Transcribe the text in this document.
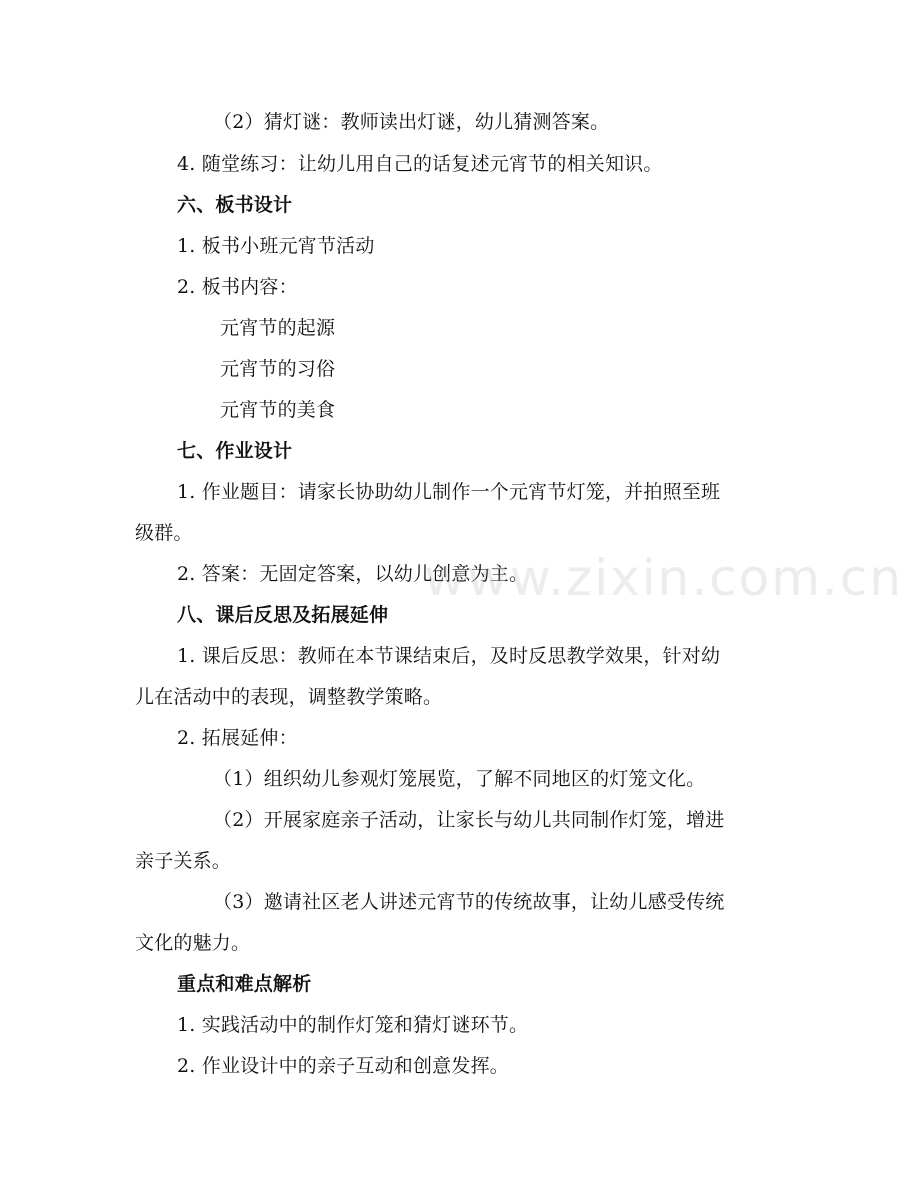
（2）猜灯谜：教师读出灯谜，幼儿猜测答案。
4. 随堂练习：让幼儿用自己的话复述元宵节的相关知识。
六、板书设计
1. 板书小班元宵节活动
2. 板书内容：
元宵节的起源
元宵节的习俗
元宵节的美食
七、作业设计
1. 作业题目：请家长协助幼儿制作一个元宵节灯笼，并拍照至班
级群。
2. 答案：无固定答案，以幼儿创意为主。
八、课后反思及拓展延伸
1. 课后反思：教师在本节课结束后，及时反思教学效果，针对幼
儿在活动中的表现，调整教学策略。
2. 拓展延伸：
（1）组织幼儿参观灯笼展览，了解不同地区的灯笼文化。
（2）开展家庭亲子活动，让家长与幼儿共同制作灯笼，增进
亲子关系。
（3）邀请社区老人讲述元宵节的传统故事，让幼儿感受传统
文化的魅力。
重点和难点解析
1. 实践活动中的制作灯笼和猜灯谜环节。
2. 作业设计中的亲子互动和创意发挥。
www.zixin.com.cn
